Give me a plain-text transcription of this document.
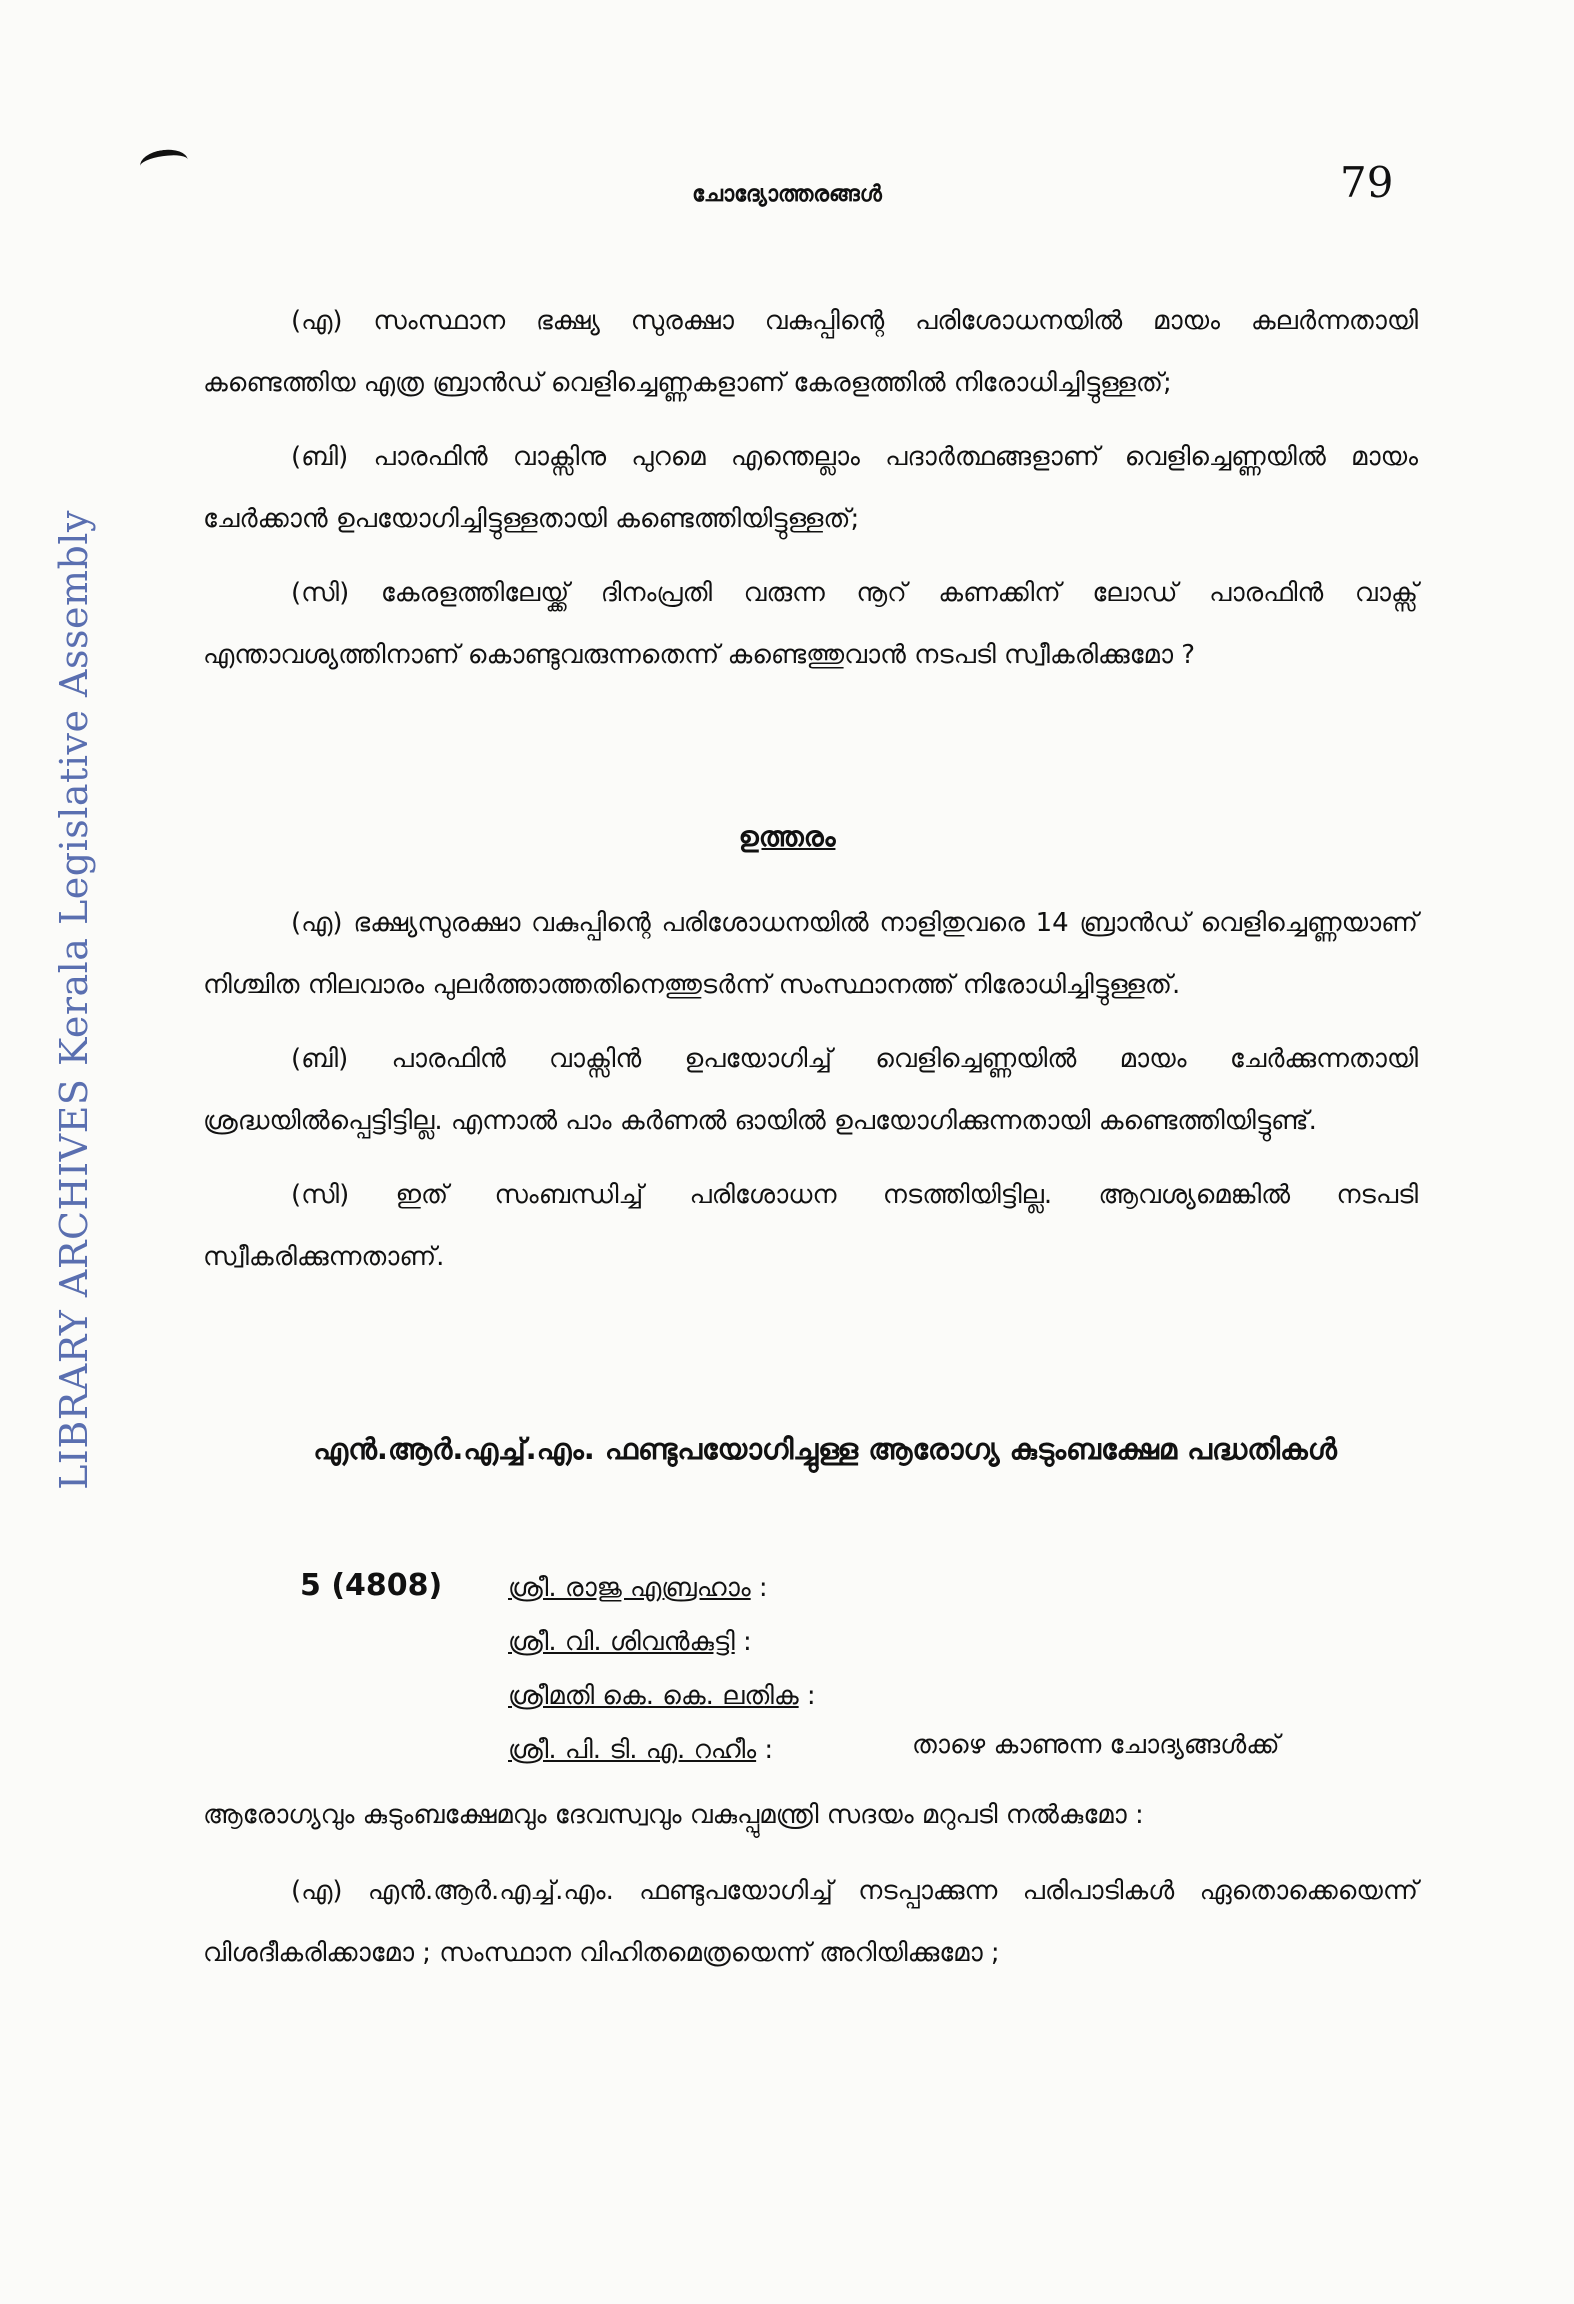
LIBRARY ARCHIVES Kerala Legislative Assembly
ചോദ്യോത്തരങ്ങൾ	79

(എ) സംസ്ഥാന ഭക്ഷ്യ സുരക്ഷാ വകുപ്പിന്റെ പരിശോധനയിൽ മായം കലർന്നതായി കണ്ടെത്തിയ എത്ര ബ്രാൻഡ് വെളിച്ചെണ്ണകളാണ് കേരളത്തിൽ നിരോധിച്ചിട്ടുള്ളത്;

(ബി) പാരഫിൻ വാക്സിനു പുറമെ എന്തെല്ലാം പദാർത്ഥങ്ങളാണ് വെളിച്ചെണ്ണയിൽ മായം ചേർക്കാൻ ഉപയോഗിച്ചിട്ടുള്ളതായി കണ്ടെത്തിയിട്ടുള്ളത്;

(സി) കേരളത്തിലേയ്ക്ക് ദിനംപ്രതി വരുന്ന നൂറ് കണക്കിന് ലോഡ് പാരഫിൻ വാക്സ് എന്താവശ്യത്തിനാണ് കൊണ്ടുവരുന്നതെന്ന് കണ്ടെത്തുവാൻ നടപടി സ്വീകരിക്കുമോ ?

ഉത്തരം

(എ) ഭക്ഷ്യസുരക്ഷാ വകുപ്പിന്റെ പരിശോധനയിൽ നാളിതുവരെ 14 ബ്രാൻഡ് വെളിച്ചെണ്ണയാണ് നിശ്ചിത നിലവാരം പുലർത്താത്തതിനെത്തുടർന്ന് സംസ്ഥാനത്ത് നിരോധിച്ചിട്ടുള്ളത്.

(ബി) പാരഫിൻ വാക്സിൻ ഉപയോഗിച്ച് വെളിച്ചെണ്ണയിൽ മായം ചേർക്കുന്നതായി ശ്രദ്ധയിൽപ്പെട്ടിട്ടില്ല. എന്നാൽ പാം കർണൽ ഓയിൽ ഉപയോഗിക്കുന്നതായി കണ്ടെത്തിയിട്ടുണ്ട്.

(സി) ഇത് സംബന്ധിച്ച് പരിശോധന നടത്തിയിട്ടില്ല. ആവശ്യമെങ്കിൽ നടപടി സ്വീകരിക്കുന്നതാണ്.

എൻ.ആർ.എച്ച്.എം. ഫണ്ടുപയോഗിച്ചുള്ള ആരോഗ്യ കുടുംബക്ഷേമ പദ്ധതികൾ
5 (4808)	ശ്രീ. രാജു എബ്രഹാം :
ശ്രീ. വി. ശിവൻകുട്ടി :
ശ്രീമതി കെ. കെ. ലതിക :
ശ്രീ. പി. ടി. എ. റഹീം :	താഴെ കാണുന്ന ചോദ്യങ്ങൾക്ക്
ആരോഗ്യവും കുടുംബക്ഷേമവും ദേവസ്വവും വകുപ്പുമന്ത്രി സദയം മറുപടി നൽകുമോ :

(എ) എൻ.ആർ.എച്ച്.എം. ഫണ്ടുപയോഗിച്ച് നടപ്പാക്കുന്ന പരിപാടികൾ ഏതൊക്കെയെന്ന് വിശദീകരിക്കാമോ ; സംസ്ഥാന വിഹിതമെത്രയെന്ന് അറിയിക്കുമോ ;
